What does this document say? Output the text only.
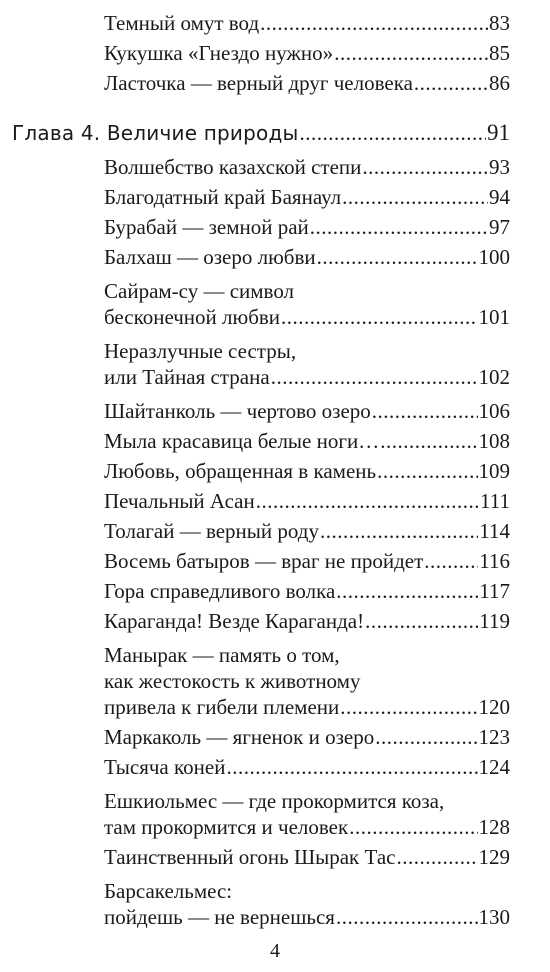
Темный омут вод .....	83
Кукушка «Гнездо нужно» .....	85
Ласточка — верный друг человека .....	86
Глава 4. Величие природы .....	91
Волшебство казахской степи .....	93
Благодатный край Баянаул .....	94
Бурабай — земной рай .....	97
Балхаш — озеро любви .....	100
Сайрам-су — символ
бесконечной любви .....	101
Неразлучные сестры,
или Тайная страна .....	102
Шайтанколь — чертово озеро .....	106
Мыла красавица белые ноги… .....	108
Любовь, обращенная в камень .....	109
Печальный Асан .....	111
Толагай — верный роду .....	114
Восемь батыров — враг не пройдет .....	116
Гора справедливого волка .....	117
Караганда! Везде Караганда! .....	119
Манырак — память о том,
как жестокость к животному
привела к гибели племени .....	120
Маркаколь — ягненок и озеро .....	123
Тысяча коней .....	124
Ешкиольмес — где прокормится коза,
там прокормится и человек .....	128
Таинственный огонь Шырак Тас .....	129
Барсакельмес:
пойдешь — не вернешься .....	130
4
